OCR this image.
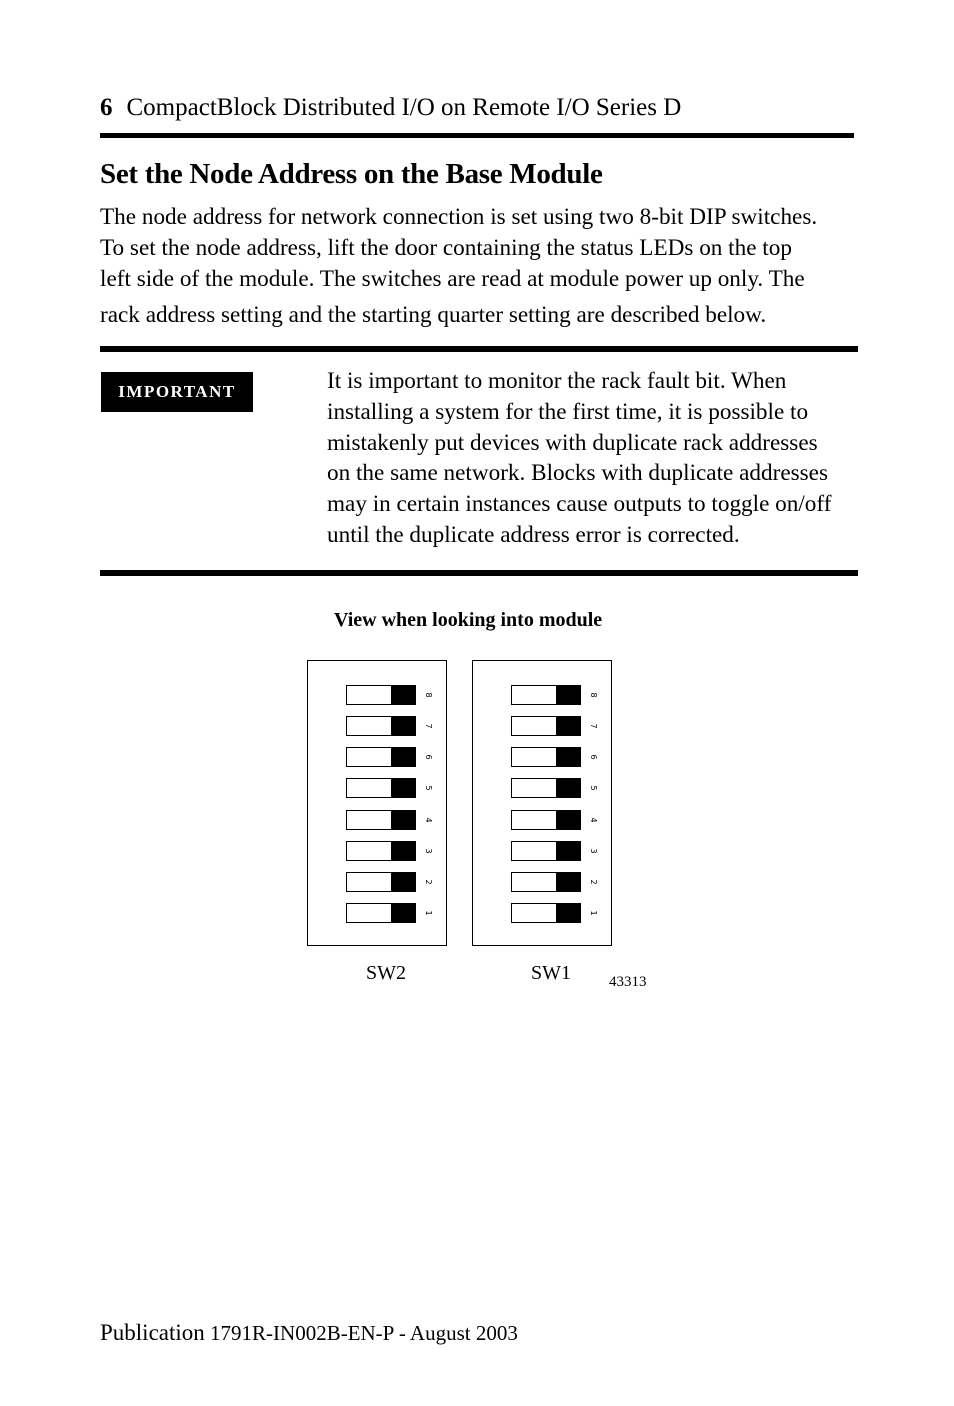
6 CompactBlock Distributed I/O on Remote I/O Series D
Set the Node Address on the Base Module

The node address for network connection is set using two 8-bit DIP switches.
To set the node address, lift the door containing the status LEDs on the top
left side of the module. The switches are read at module power up only. The
rack address setting and the starting quarter setting are described below.

IMPORTANT	It is important to monitor the rack fault bit. When
installing a system for the first time, it is possible to
mistakenly put devices with duplicate rack addresses
on the same network. Blocks with duplicate addresses
may in certain instances cause outputs to toggle on/off
until the duplicate address error is corrected.

View when looking into module
8
7
6
5
4
3
2
1
8
7
6
5
4
3
2
1
SW2	SW1	43313
Publication 1791R-IN002B-EN-P - August 2003
